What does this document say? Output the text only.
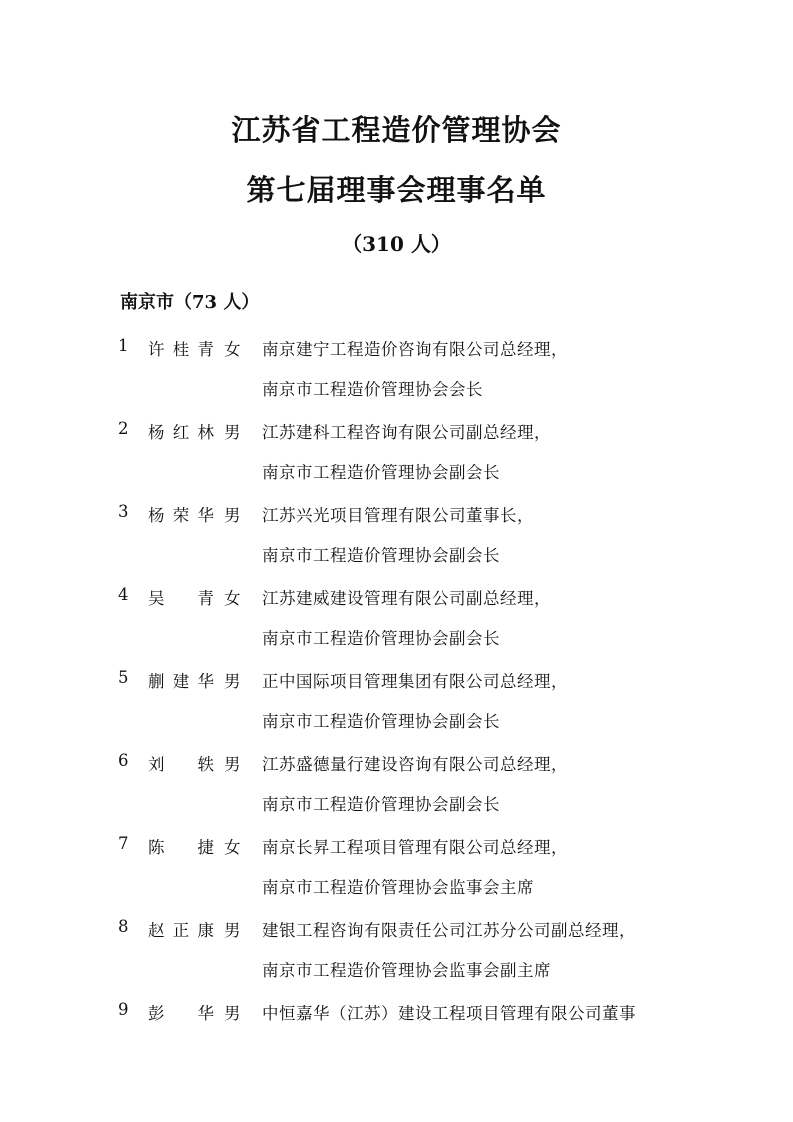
江苏省工程造价管理协会
第七届理事会理事名单
（310 人）
南京市（73 人）
1 许桂青 女 南京建宁工程造价咨询有限公司总经理，
南京市工程造价管理协会会长
2 杨红林 男 江苏建科工程咨询有限公司副总经理，
南京市工程造价管理协会副会长
3 杨荣华 男 江苏兴光项目管理有限公司董事长，
南京市工程造价管理协会副会长
4 吴青 女 江苏建威建设管理有限公司副总经理，
南京市工程造价管理协会副会长
5 蒯建华 男 正中国际项目管理集团有限公司总经理，
南京市工程造价管理协会副会长
6 刘轶 男 江苏盛德量行建设咨询有限公司总经理，
南京市工程造价管理协会副会长
7 陈捷 女 南京长昇工程项目管理有限公司总经理，
南京市工程造价管理协会监事会主席
8 赵正康 男 建银工程咨询有限责任公司江苏分公司副总经理，
南京市工程造价管理协会监事会副主席
9 彭华 男 中恒嘉华（江苏）建设工程项目管理有限公司董事
